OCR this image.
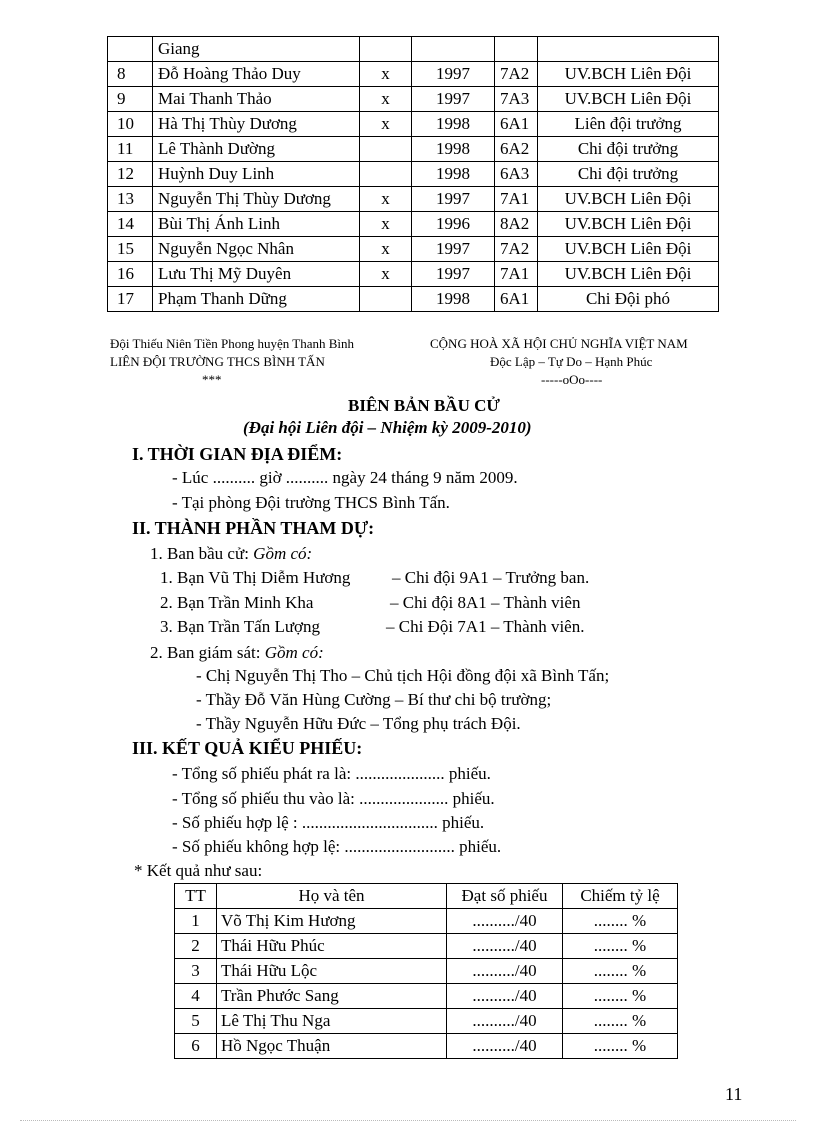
	Giang				
8	Đỗ Hoàng Thảo Duy	x	1997	7A2	UV.BCH Liên Đội
9	Mai Thanh Thảo	x	1997	7A3	UV.BCH Liên Đội
10	Hà Thị Thùy Dương	x	1998	6A1	Liên đội trưởng
11	Lê Thành Dường		1998	6A2	Chi đội trưởng
12	Huỳnh Duy Linh		1998	6A3	Chi đội trưởng
13	Nguyễn Thị Thùy Dương	x	1997	7A1	UV.BCH Liên Đội
14	Bùi Thị Ánh Linh	x	1996	8A2	UV.BCH Liên Đội
15	Nguyễn Ngọc Nhân	x	1997	7A2	UV.BCH Liên Đội
16	Lưu Thị Mỹ Duyên	x	1997	7A1	UV.BCH Liên Đội
17	Phạm Thanh Dững		1998	6A1	Chi Đội phó
Đội Thiếu Niên Tiền Phong huyện Thanh Bình
LIÊN ĐỘI TRƯỜNG THCS BÌNH TẤN
***
CỘNG HOÀ XÃ HỘI CHỦ NGHĨA VIỆT NAM
Độc Lập – Tự Do – Hạnh Phúc
-----oOo----
BIÊN BẢN BẦU CỬ
(Đại hội Liên đội – Nhiệm kỳ 2009-2010)
I. THỜI GIAN ĐỊA ĐIỂM:
- Lúc .......... giờ .......... ngày 24 tháng 9 năm 2009.
- Tại phòng Đội trường THCS Bình Tấn.
II. THÀNH PHẦN THAM DỰ:
1. Ban bầu cử: Gồm có:
1. Bạn Vũ Thị Diễm Hương – Chi đội 9A1 – Trưởng ban.
2. Bạn Trần Minh Kha	– Chi đội 8A1 – Thành viên
3. Bạn Trần Tấn Lượng	– Chi Đội 7A1 – Thành viên.
2. Ban giám sát: Gồm có:
- Chị Nguyễn Thị Tho – Chủ tịch Hội đồng đội xã Bình Tấn;
- Thầy Đỗ Văn Hùng Cường – Bí thư chi bộ trường;
- Thầy Nguyễn Hữu Đức – Tổng phụ trách Đội.
III. KẾT QUẢ KIỂU PHIẾU:
- Tổng số phiếu phát ra là: ..................... phiếu.
- Tổng số phiếu thu vào là: ..................... phiếu.
- Số phiếu hợp lệ : ................................ phiếu.
- Số phiếu không hợp lệ: .......................... phiếu.
* Kết quả như sau:
TT	Họ và tên	Đạt số phiếu	Chiếm tỷ lệ
1	Võ Thị Kim Hương	........../40	........ %
2	Thái Hữu Phúc	........../40	........ %
3	Thái Hữu Lộc	........../40	........ %
4	Trần Phước Sang	........../40	........ %
5	Lê Thị Thu Nga	........../40	........ %
6	Hồ Ngọc Thuận	........../40	........ %
11
